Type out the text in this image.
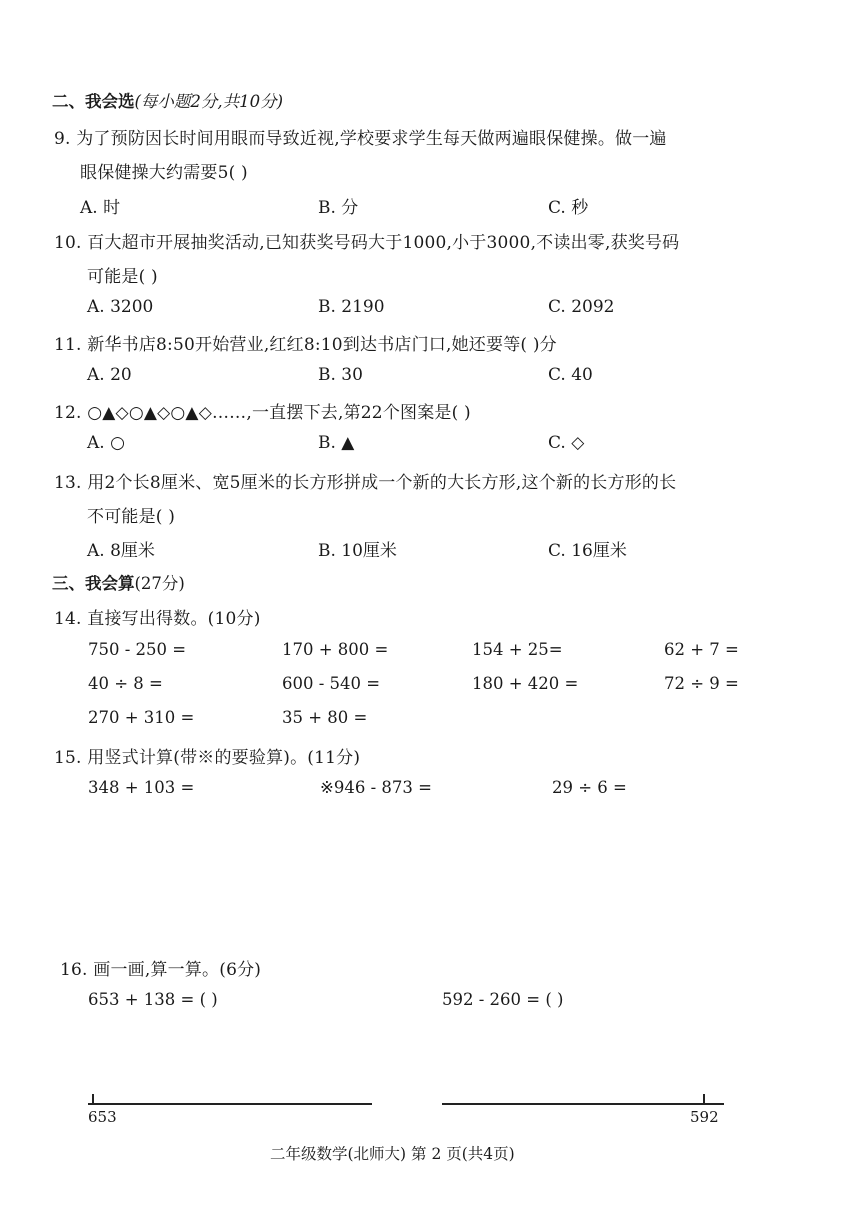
二、我会选(每小题2分,共10分)
9. 为了预防因长时间用眼而导致近视,学校要求学生每天做两遍眼保健操。做一遍
眼保健操大约需要5( )
A. 时	B. 分	C. 秒
10. 百大超市开展抽奖活动,已知获奖号码大于1000,小于3000,不读出零,获奖号码
可能是( )
A. 3200	B. 2190	C. 2092
11. 新华书店8:50开始营业,红红8:10到达书店门口,她还要等( )分
A. 20	B. 30	C. 40
12. ○▲◇○▲◇○▲◇……,一直摆下去,第22个图案是( )
A. ○	B. ▲	C. ◇
13. 用2个长8厘米、宽5厘米的长方形拼成一个新的大长方形,这个新的长方形的长
不可能是( )
A. 8厘米	B. 10厘米	C. 16厘米
三、我会算(27分)
14. 直接写出得数。(10分)
750 - 250 =	170 + 800 =	154 + 25=	62 + 7 =
40 ÷ 8 =	600 - 540 =	180 + 420 =	72 ÷ 9 =
270 + 310 =	35 + 80 =
15. 用竖式计算(带※的要验算)。(11分)
348 + 103 =	※946 - 873 =	29 ÷ 6 =
16. 画一画,算一算。(6分)
653 + 138 = ( )	592 - 260 = ( )
653	592
二年级数学(北师大) 第 2 页(共4页)
